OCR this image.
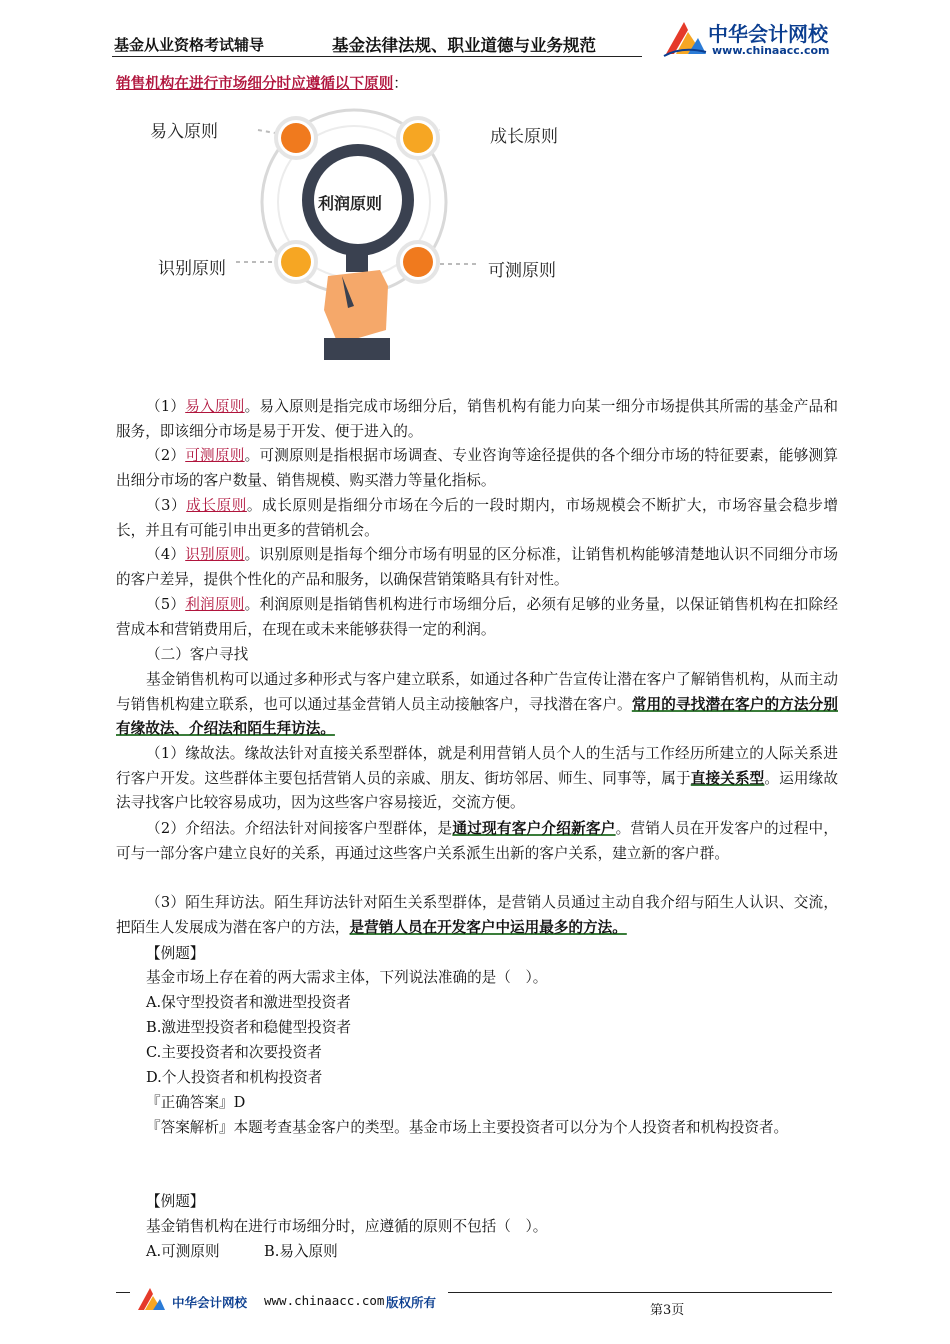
基金从业资格考试辅导	基金法律法规、职业道德与业务规范	中华会计网校
www.chinaacc.com
销售机构在进行市场细分时应遵循以下原则：
易入原则	成长原则
识别原则	可测原则
利润原则

（1）易入原则。易入原则是指完成市场细分后，销售机构有能力向某一细分市场提供其所需的基金产品和服务，即该细分市场是易于开发、便于进入的。

（2）可测原则。可测原则是指根据市场调查、专业咨询等途径提供的各个细分市场的特征要素，能够测算出细分市场的客户数量、销售规模、购买潜力等量化指标。

（3）成长原则。成长原则是指细分市场在今后的一段时期内，市场规模会不断扩大，市场容量会稳步增长，并且有可能引申出更多的营销机会。

（4）识别原则。识别原则是指每个细分市场有明显的区分标准，让销售机构能够清楚地认识不同细分市场的客户差异，提供个性化的产品和服务，以确保营销策略具有针对性。

（5）利润原则。利润原则是指销售机构进行市场细分后，必须有足够的业务量，以保证销售机构在扣除经营成本和营销费用后，在现在或未来能够获得一定的利润。

（二）客户寻找

基金销售机构可以通过多种形式与客户建立联系，如通过各种广告宣传让潜在客户了解销售机构，从而主动与销售机构建立联系，也可以通过基金营销人员主动接触客户，寻找潜在客户。常用的寻找潜在客户的方法分别有缘故法、介绍法和陌生拜访法。

（1）缘故法。缘故法针对直接关系型群体，就是利用营销人员个人的生活与工作经历所建立的人际关系进行客户开发。这些群体主要包括营销人员的亲戚、朋友、街坊邻居、师生、同事等，属于直接关系型。运用缘故法寻找客户比较容易成功，因为这些客户容易接近，交流方便。

（2）介绍法。介绍法针对间接客户型群体，是通过现有客户介绍新客户。营销人员在开发客户的过程中，可与一部分客户建立良好的关系，再通过这些客户关系派生出新的客户关系，建立新的客户群。

（3）陌生拜访法。陌生拜访法针对陌生关系型群体，是营销人员通过主动自我介绍与陌生人认识、交流，把陌生人发展成为潜在客户的方法，是营销人员在开发客户中运用最多的方法。

【例题】
基金市场上存在着的两大需求主体，下列说法准确的是（　）。
A.保守型投资者和激进型投资者
B.激进型投资者和稳健型投资者
C.主要投资者和次要投资者
D.个人投资者和机构投资者
『正确答案』D

『答案解析』本题考查基金客户的类型。基金市场上主要投资者可以分为个人投资者和机构投资者。

【例题】
基金销售机构在进行市场细分时，应遵循的原则不包括（　）。
A.可测原则	B.易入原则
中华会计网校 www.chinaacc.com 版权所有
第3页
